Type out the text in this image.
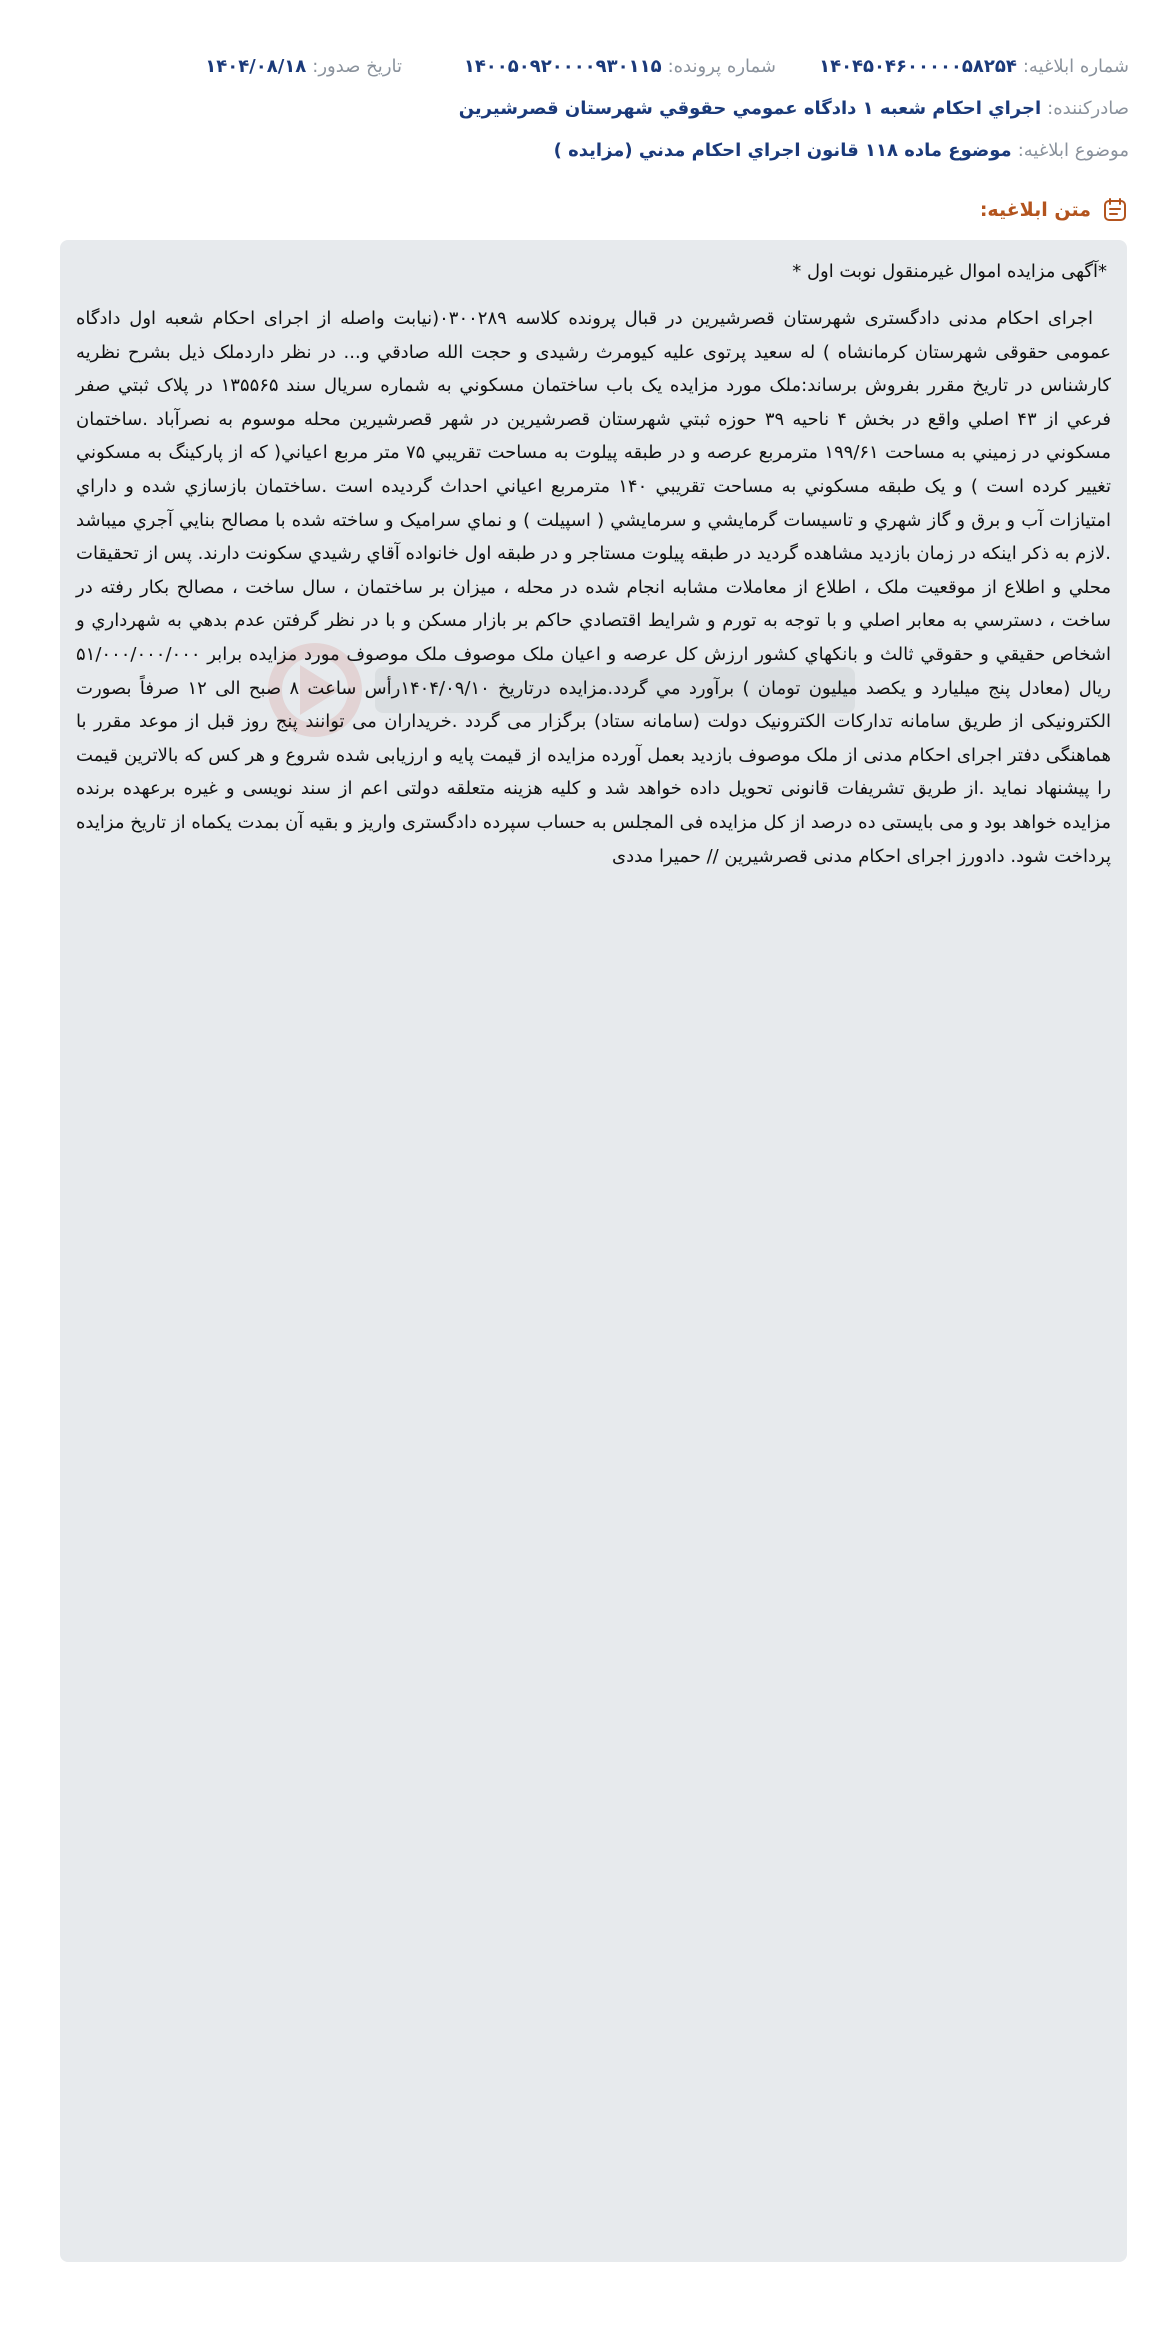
شماره ابلاغیه:
۱۴۰۴۵۰۴۶۰۰۰۰۰۵۸۲۵۴
شماره پرونده:
۱۴۰۰۵۰۹۲۰۰۰۰۹۳۰۱۱۵
تاریخ صدور:
۱۴۰۴/۰۸/۱۸
صادرکننده:
اجراي احکام شعبه ۱ دادگاه عمومي حقوقي شهرستان قصرشيرين
موضوع ابلاغیه:
موضوع ماده ۱۱۸ قانون اجراي احکام مدني (مزايده )
متن ابلاغیه:
*آگهی مزایده اموال غیرمنقول نوبت اول *
اجرای احکام مدنی دادگستری شهرستان قصرشیرین در قبال پرونده کلاسه ۰۳۰۰۲۸۹(نیابت واصله از اجرای احکام شعبه اول دادگاه عمومی حقوقی شهرستان کرمانشاه ) له سعید پرتوی علیه کیومرث رشیدی و حجت الله صادقي و... در نظر داردملک ذیل بشرح نظریه کارشناس در تاریخ مقرر بفروش برساند:ملک مورد مزایده یک باب ساختمان مسکوني به شماره سریال سند ۱۳۵۵۶۵ در پلاک ثبتي صفر فرعي از ۴۳ اصلي واقع در بخش ۴ ناحیه ۳۹ حوزه ثبتي شهرستان قصرشیرین در شهر قصرشیرین محله موسوم به نصرآباد .ساختمان مسکوني در زميني به مساحت ۱۹۹/۶۱ مترمربع عرصه و در طبقه پیلوت به مساحت تقريبي ۷۵ متر مربع اعیاني( که از پارکینگ به مسکوني تغییر کرده است ) و یک طبقه مسکوني به مساحت تقريبي ۱۴۰ مترمربع اعیاني احداث گرديده است .ساختمان بازسازي شده و داراي امتيازات آب و برق و گاز شهري و تاسيسات گرمايشي و سرمايشي ( اسپيلت ) و نماي سراميک و ساخته شده با مصالح بنايي آجري ميباشد .لازم به ذکر اينکه در زمان بازديد مشاهده گرديد در طبقه پيلوت مستاجر و در طبقه اول خانواده آقاي رشيدي سکونت دارند. پس از تحقیقات محلي و اطلاع از موقعیت ملک ، اطلاع از معاملات مشابه انجام شده در محله ، میزان بر ساختمان ، سال ساخت ، مصالح بکار رفته در ساخت ، دسترسي به معابر اصلي و با توجه به تورم و شرایط اقتصادي حاکم بر بازار مسکن و با در نظر گرفتن عدم بدهي به شهرداري و اشخاص حقيقي و حقوقي ثالث و بانکهاي کشور ارزش کل عرصه و اعیان ملک موصوف ملک موصوف مورد مزایده برابر ۵۱/۰۰۰/۰۰۰/۰۰۰ ریال (معادل پنج میلیارد و یکصد میلیون تومان ) برآورد مي گردد.مزایده درتاریخ ۱۴۰۴/۰۹/۱۰رأس ساعت ۸ صبح الی ۱۲ صرفاً بصورت الکترونیکی از طریق سامانه تدارکات الکترونیک دولت (سامانه ستاد) برگزار می گردد .خریداران می توانند پنج روز قبل از موعد مقرر با هماهنگی دفتر اجرای احکام مدنی از ملک موصوف بازدید بعمل آورده مزایده از قیمت پایه و ارزیابی شده شروع و هر کس که بالاترین قیمت را پیشنهاد نماید .از طریق تشریفات قانونی تحویل داده خواهد شد و کلیه هزینه متعلقه دولتی اعم از سند نویسی و غیره برعهده برنده مزایده خواهد بود و می بایستی ده درصد از کل مزایده فی المجلس به حساب سپرده دادگستری واریز و بقیه آن بمدت یکماه از تاریخ مزایده پرداخت شود. دادورز اجرای احکام مدنی قصرشیرین // حمیرا مددی
